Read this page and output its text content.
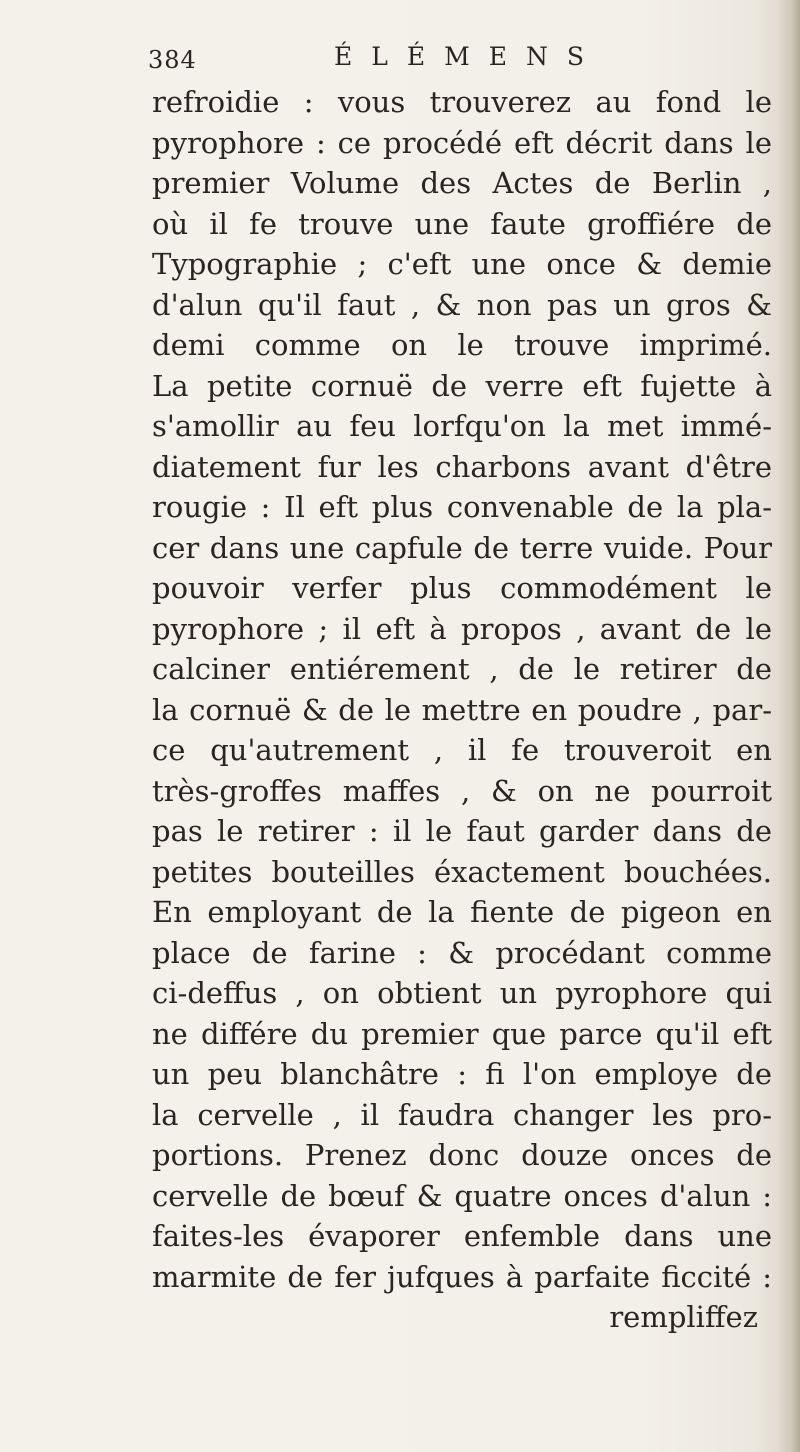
384	ÉLÉMENS
refroidie : vous trouverez au fond le
pyrophore : ce procédé eft décrit dans le
premier Volume des Actes de Berlin ,
où il fe trouve une faute groffiére de
Typographie ; c'eft une once & demie
d'alun qu'il faut , & non pas un gros &
demi comme on le trouve imprimé.
La petite cornuë de verre eft fujette à
s'amollir au feu lorfqu'on la met immé-
diatement fur les charbons avant d'être
rougie : Il eft plus convenable de la pla-
cer dans une capfule de terre vuide. Pour
pouvoir verfer plus commodément le
pyrophore ; il eft à propos , avant de le
calciner entiérement , de le retirer de
la cornuë & de le mettre en poudre , par-
ce qu'autrement , il fe trouveroit en
très-groffes maffes , & on ne pourroit
pas le retirer : il le faut garder dans de
petites bouteilles éxactement bouchées.
En employant de la fiente de pigeon en
place de farine : & procédant comme
ci-deffus , on obtient un pyrophore qui
ne différe du premier que parce qu'il eft
un peu blanchâtre : fi l'on employe de
la cervelle , il faudra changer les pro-
portions. Prenez donc douze onces de
cervelle de bœuf & quatre onces d'alun :
faites-les évaporer enfemble dans une
marmite de fer jufques à parfaite ficcité :
rempliffez
